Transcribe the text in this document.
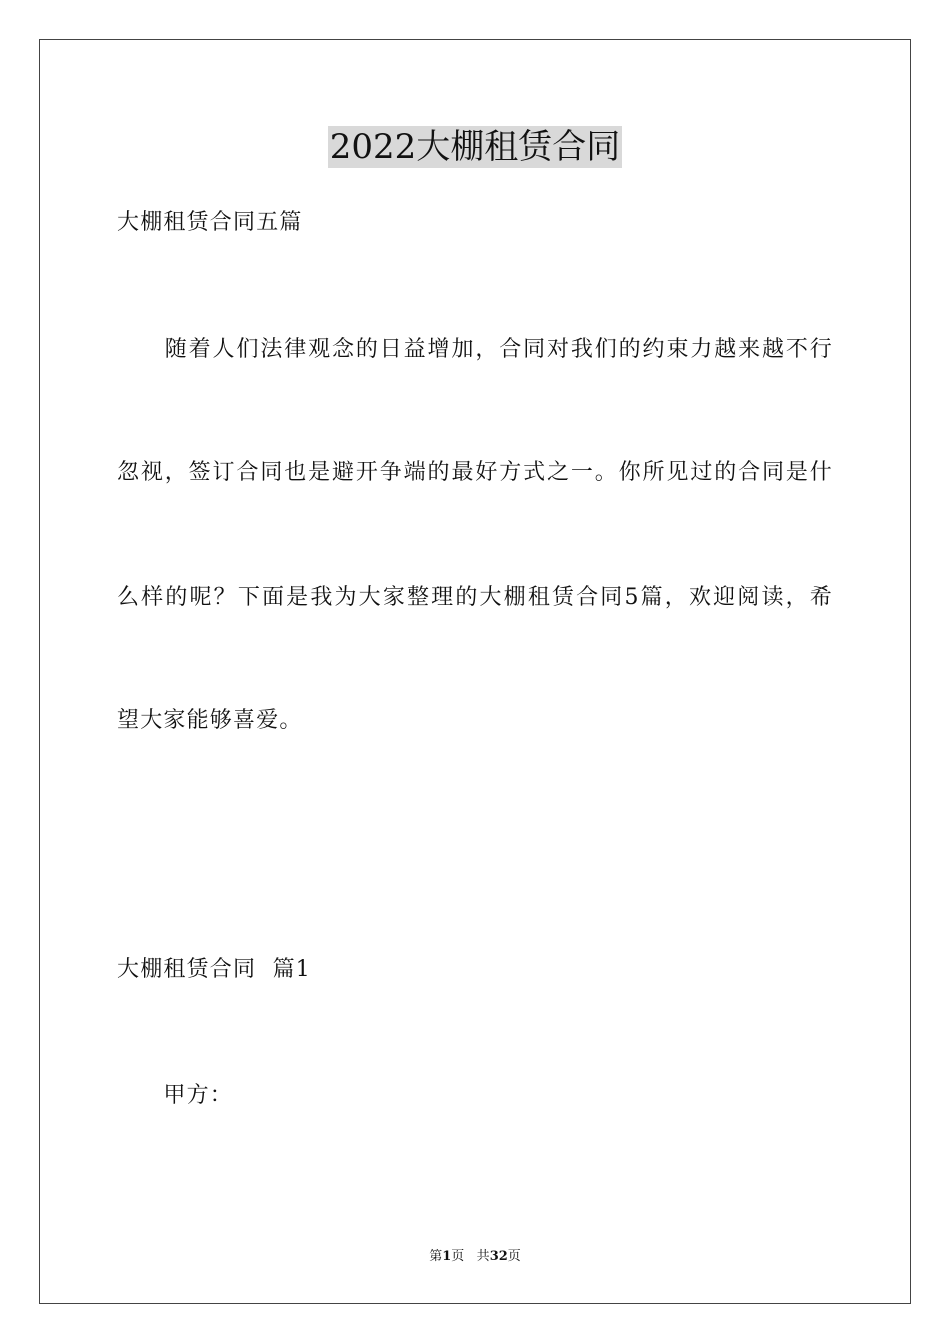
2022大棚租赁合同
大棚租赁合同五篇
　　随着人们法律观念的日益增加，合同对我们的约束力越来越不行
忽视，签订合同也是避开争端的最好方式之一。你所见过的合同是什
么样的呢？下面是我为大家整理的大棚租赁合同5篇，欢迎阅读，希
望大家能够喜爱。
大棚租赁合同  篇1
　　甲方：
第1页 共32页
